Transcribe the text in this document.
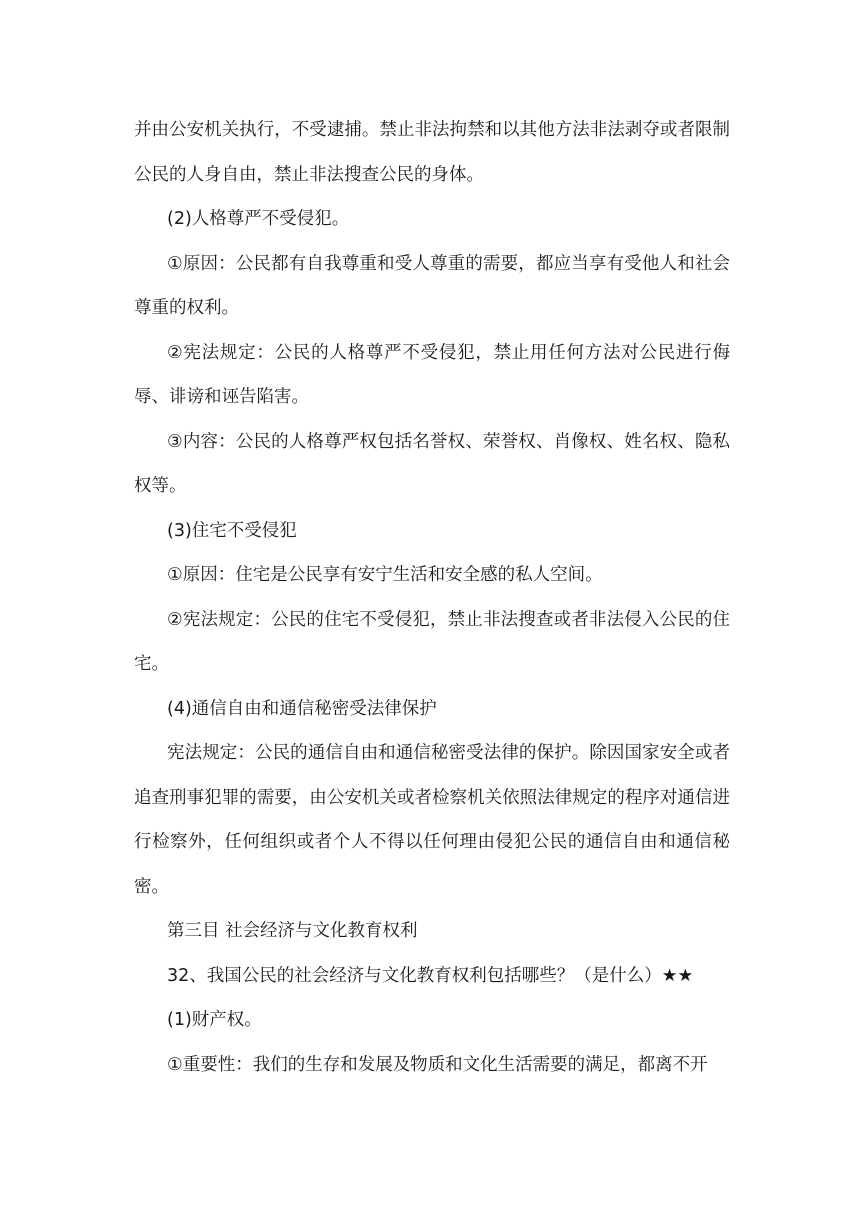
并由公安机关执行，不受逮捕。禁止非法拘禁和以其他方法非法剥夺或者限制公民的人身自由，禁止非法搜查公民的身体。

(2)人格尊严不受侵犯。

①原因：公民都有自我尊重和受人尊重的需要，都应当享有受他人和社会尊重的权利。

②宪法规定：公民的人格尊严不受侵犯，禁止用任何方法对公民进行侮辱、诽谤和诬告陷害。

③内容：公民的人格尊严权包括名誉权、荣誉权、肖像权、姓名权、隐私权等。

(3)住宅不受侵犯

①原因：住宅是公民享有安宁生活和安全感的私人空间。

②宪法规定：公民的住宅不受侵犯，禁止非法搜查或者非法侵入公民的住宅。

(4)通信自由和通信秘密受法律保护

宪法规定：公民的通信自由和通信秘密受法律的保护。除因国家安全或者追查刑事犯罪的需要，由公安机关或者检察机关依照法律规定的程序对通信进行检察外，任何组织或者个人不得以任何理由侵犯公民的通信自由和通信秘密。

第三目 社会经济与文化教育权利

32、我国公民的社会经济与文化教育权利包括哪些？（是什么）★★

(1)财产权。

①重要性：我们的生存和发展及物质和文化生活需要的满足，都离不开
